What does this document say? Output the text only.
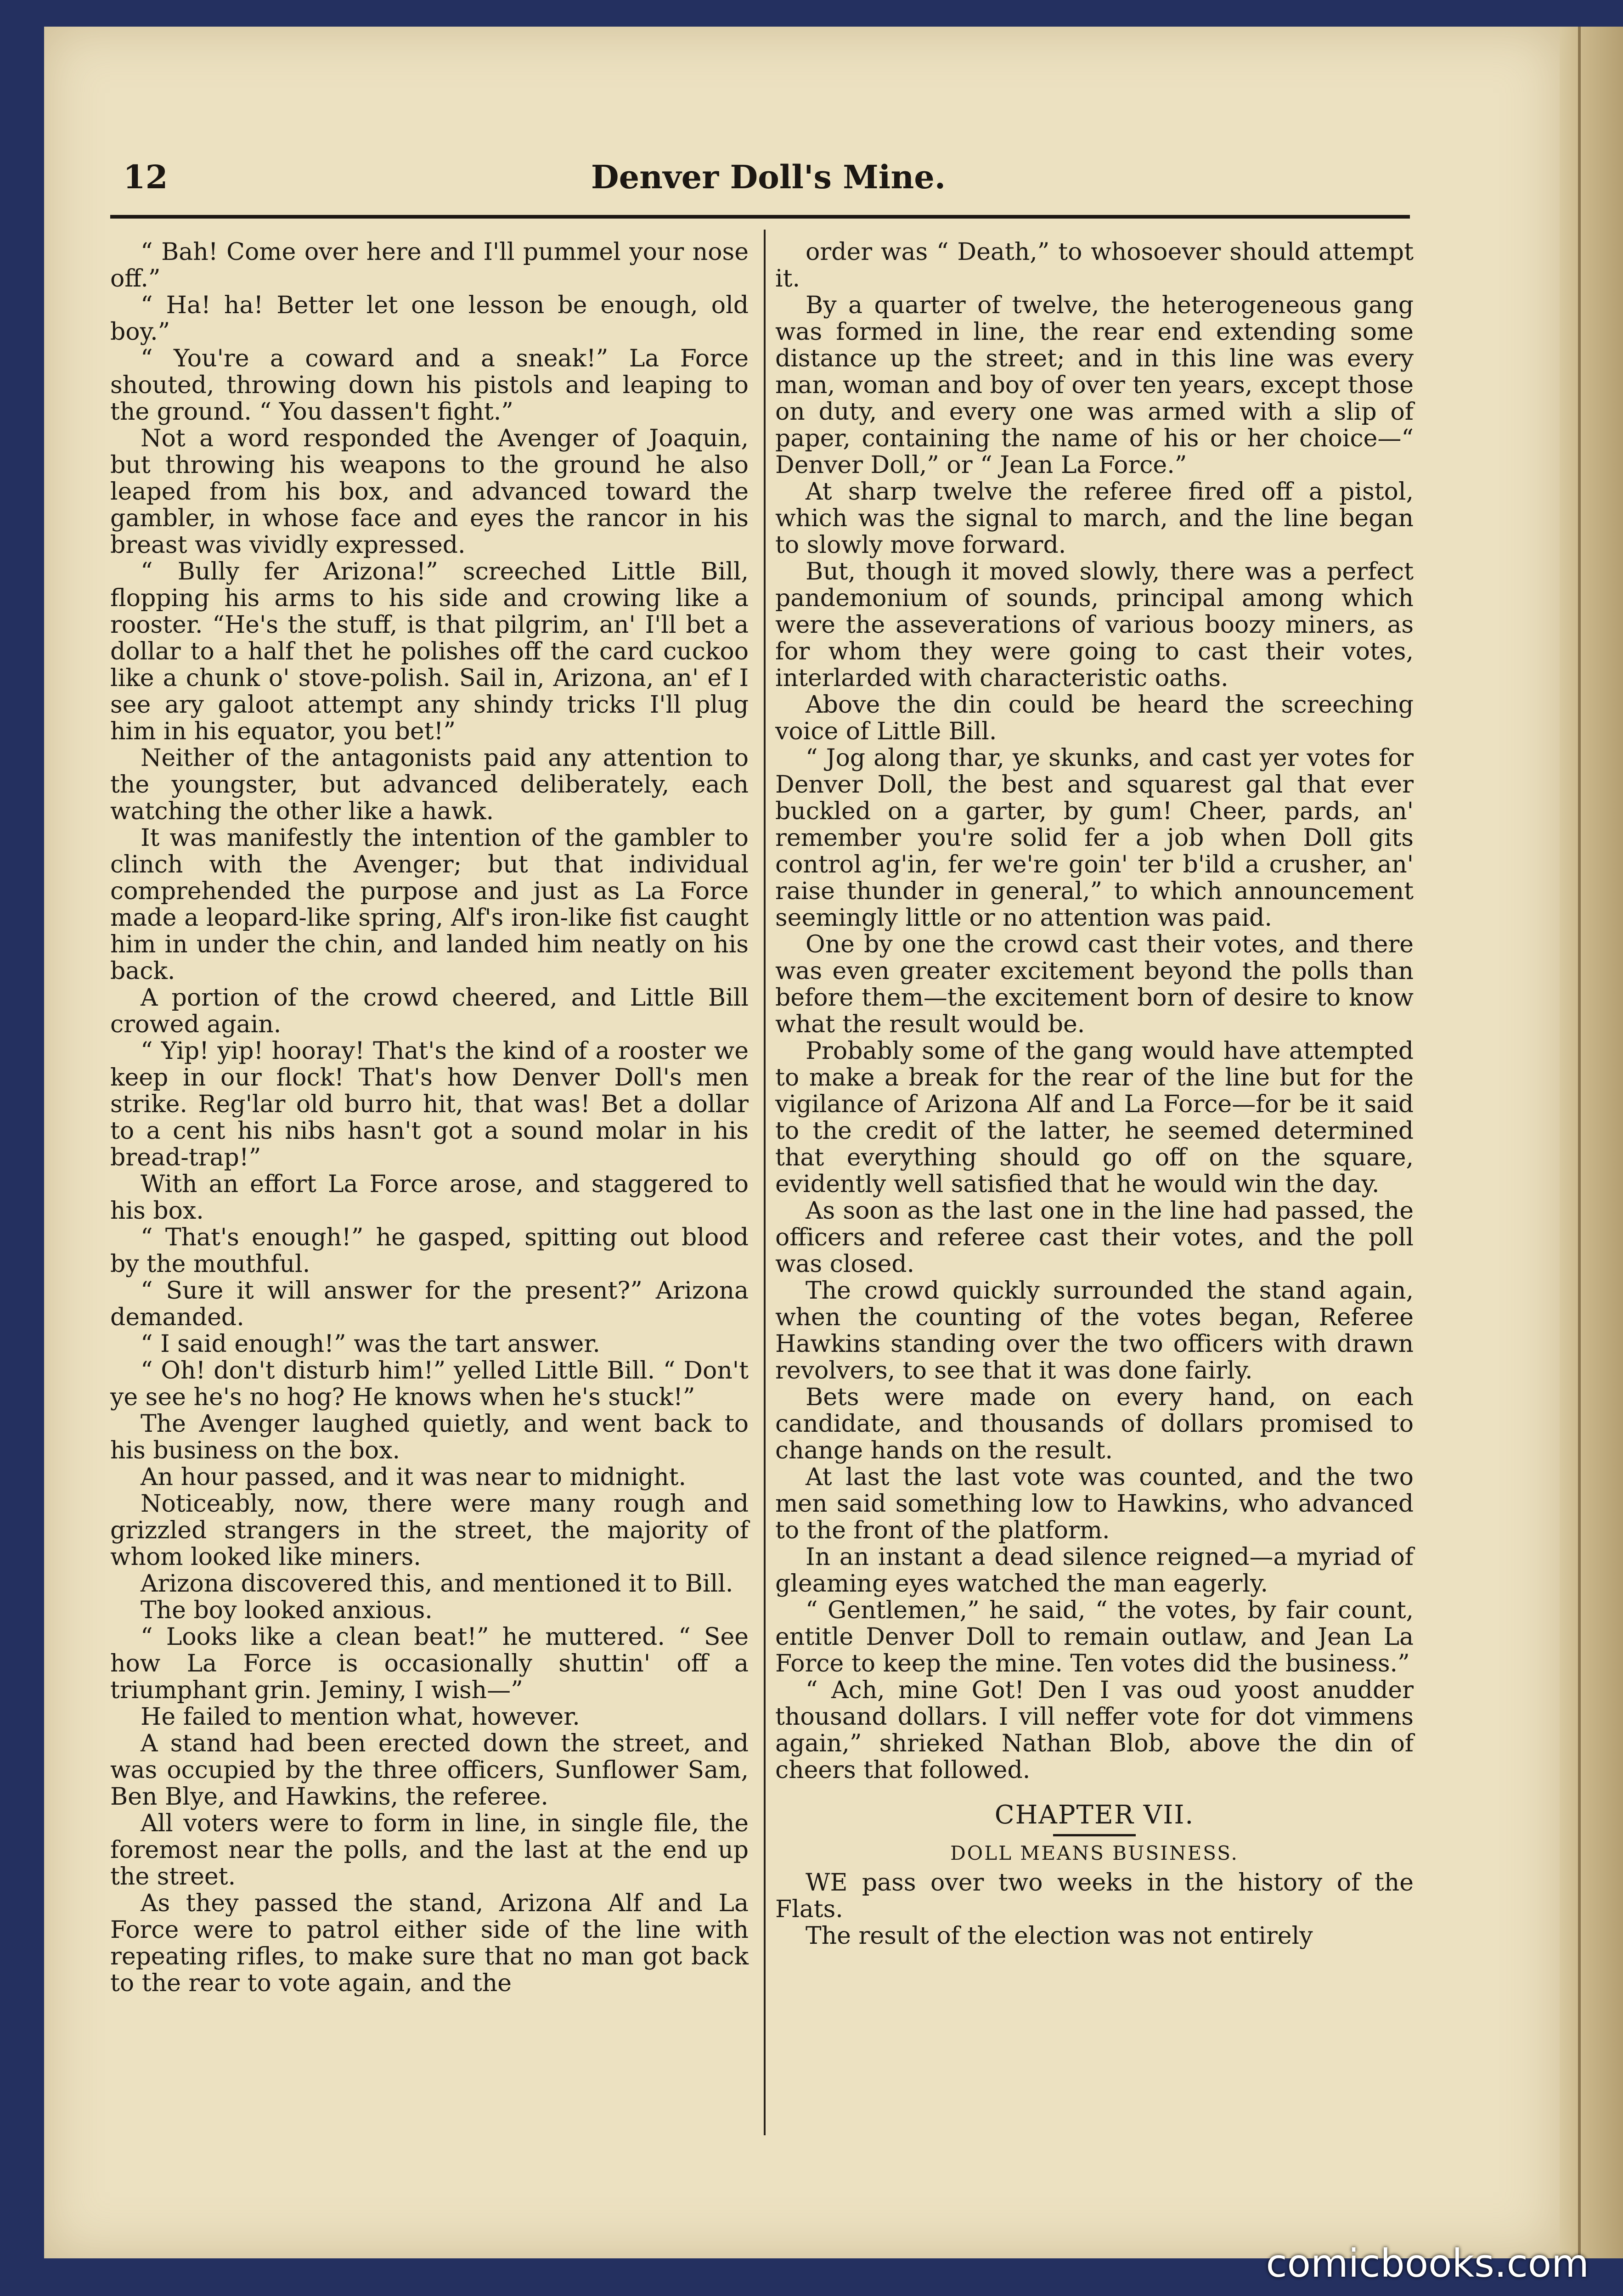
12	Denver Doll's Mine.

“ Bah! Come over here and I'll pummel your nose off.”

“ Ha! ha! Better let one lesson be enough, old boy.”

“ You're a coward and a sneak!” La Force shouted, throwing down his pistols and leaping to the ground. “ You dassen't fight.”

Not a word responded the Avenger of Joaquin, but throwing his weapons to the ground he also leaped from his box, and advanced toward the gambler, in whose face and eyes the rancor in his breast was vividly expressed.

“ Bully fer Arizona!” screeched Little Bill, flopping his arms to his side and crowing like a rooster. “He's the stuff, is that pilgrim, an' I'll bet a dollar to a half thet he polishes off the card cuckoo like a chunk o' stove-polish. Sail in, Arizona, an' ef I see ary galoot attempt any shindy tricks I'll plug him in his equator, you bet!”

Neither of the antagonists paid any attention to the youngster, but advanced deliberately, each watching the other like a hawk.

It was manifestly the intention of the gambler to clinch with the Avenger; but that individual comprehended the purpose and just as La Force made a leopard-like spring, Alf's iron-like fist caught him in under the chin, and landed him neatly on his back.

A portion of the crowd cheered, and Little Bill crowed again.

“ Yip! yip! hooray! That's the kind of a rooster we keep in our flock! That's how Denver Doll's men strike. Reg'lar old burro hit, that was! Bet a dollar to a cent his nibs hasn't got a sound molar in his bread-trap!”

With an effort La Force arose, and staggered to his box.

“ That's enough!” he gasped, spitting out blood by the mouthful.

“ Sure it will answer for the present?” Arizona demanded.

“ I said enough!” was the tart answer.

“ Oh! don't disturb him!” yelled Little Bill. “ Don't ye see he's no hog? He knows when he's stuck!”

The Avenger laughed quietly, and went back to his business on the box.

An hour passed, and it was near to midnight.

Noticeably, now, there were many rough and grizzled strangers in the street, the majority of whom looked like miners.

Arizona discovered this, and mentioned it to Bill.

The boy looked anxious.

“ Looks like a clean beat!” he muttered. “ See how La Force is occasionally shuttin' off a triumphant grin. Jeminy, I wish—”

He failed to mention what, however.

A stand had been erected down the street, and was occupied by the three officers, Sunflower Sam, Ben Blye, and Hawkins, the referee.

All voters were to form in line, in single file, the foremost near the polls, and the last at the end up the street.

As they passed the stand, Arizona Alf and La Force were to patrol either side of the line with repeating rifles, to make sure that no man got back to the rear to vote again, and the

order was “ Death,” to whosoever should attempt it.

By a quarter of twelve, the heterogeneous gang was formed in line, the rear end extending some distance up the street; and in this line was every man, woman and boy of over ten years, except those on duty, and every one was armed with a slip of paper, containing the name of his or her choice—“ Denver Doll,” or “ Jean La Force.”

At sharp twelve the referee fired off a pistol, which was the signal to march, and the line began to slowly move forward.

But, though it moved slowly, there was a perfect pandemonium of sounds, principal among which were the asseverations of various boozy miners, as for whom they were going to cast their votes, interlarded with characteristic oaths.

Above the din could be heard the screeching voice of Little Bill.

“ Jog along thar, ye skunks, and cast yer votes for Denver Doll, the best and squarest gal that ever buckled on a garter, by gum! Cheer, pards, an' remember you're solid fer a job when Doll gits control ag'in, fer we're goin' ter b'ild a crusher, an' raise thunder in general,” to which announcement seemingly little or no attention was paid.

One by one the crowd cast their votes, and there was even greater excitement beyond the polls than before them—the excitement born of desire to know what the result would be.

Probably some of the gang would have attempted to make a break for the rear of the line but for the vigilance of Arizona Alf and La Force—for be it said to the credit of the latter, he seemed determined that everything should go off on the square, evidently well satisfied that he would win the day.

As soon as the last one in the line had passed, the officers and referee cast their votes, and the poll was closed.

The crowd quickly surrounded the stand again, when the counting of the votes began, Referee Hawkins standing over the two officers with drawn revolvers, to see that it was done fairly.

Bets were made on every hand, on each candidate, and thousands of dollars promised to change hands on the result.

At last the last vote was counted, and the two men said something low to Hawkins, who advanced to the front of the platform.

In an instant a dead silence reigned—a myriad of gleaming eyes watched the man eagerly.

“ Gentlemen,” he said, “ the votes, by fair count, entitle Denver Doll to remain outlaw, and Jean La Force to keep the mine. Ten votes did the business.”

“ Ach, mine Got! Den I vas oud yoost anudder thousand dollars. I vill neffer vote for dot vimmens again,” shrieked Nathan Blob, above the din of cheers that followed.

CHAPTER VII.
DOLL MEANS BUSINESS.

WE pass over two weeks in the history of the Flats.

The result of the election was not entirely

comicbooks.com
